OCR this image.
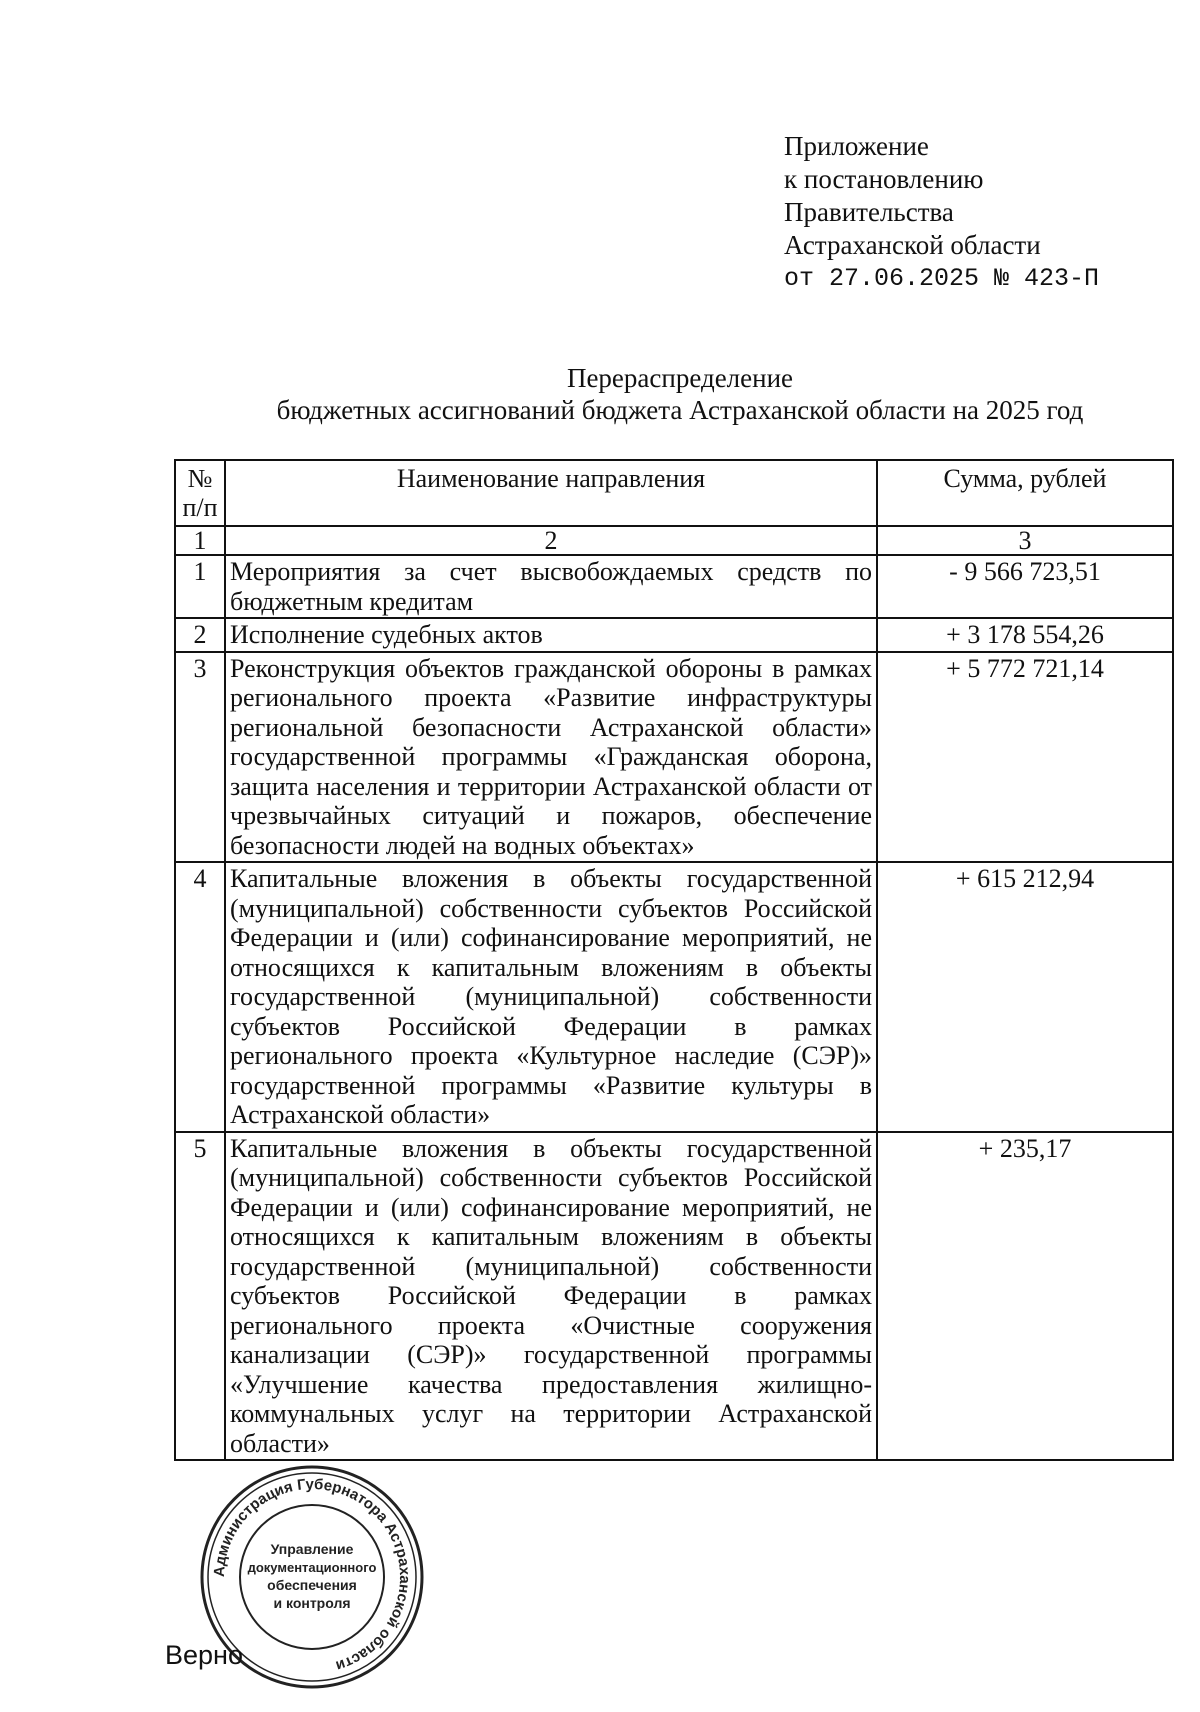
Приложение
к постановлению
Правительства
Астраханской области
от 27.06.2025 № 423-П
Перераспределение
бюджетных ассигнований бюджета Астраханской области на 2025 год
№ п/п	Наименование направления	Сумма, рублей
1	2	3
1	Мероприятия за счет высвобождаемых средств по бюджетным кредитам	- 9 566 723,51
2	Исполнение судебных актов	+ 3 178 554,26
3	Реконструкция объектов гражданской обороны в рамках регионального проекта «Развитие инфраструктуры региональной безопасности Астраханской области» государственной программы «Гражданская оборона, защита населения и территории Астраханской области от чрезвычайных ситуаций и пожаров, обеспечение безопасности людей на водных объектах»	+ 5 772 721,14
4	Капитальные вложения в объекты государственной (муниципальной) собственности субъектов Российской Федерации и (или) софинансирование мероприятий, не относящихся к капитальным вложениям в объекты государственной (муниципальной) собственности субъектов Российской Федерации в рамках регионального проекта «Культурное наследие (СЭР)» государственной программы «Развитие культуры в Астраханской области»	+ 615 212,94
5	Капитальные вложения в объекты государственной (муниципальной) собственности субъектов Российской Федерации и (или) софинансирование мероприятий, не относящихся к капитальным вложениям в объекты государственной (муниципальной) собственности субъектов Российской Федерации в рамках регионального проекта «Очистные сооружения канализации (СЭР)» государственной программы «Улучшение качества предоставления жилищно-коммунальных услуг на территории Астраханской области»	+ 235,17
Администрация Губернатора Астраханской области
Управление
документационного
обеспечения
и контроля
Верно
